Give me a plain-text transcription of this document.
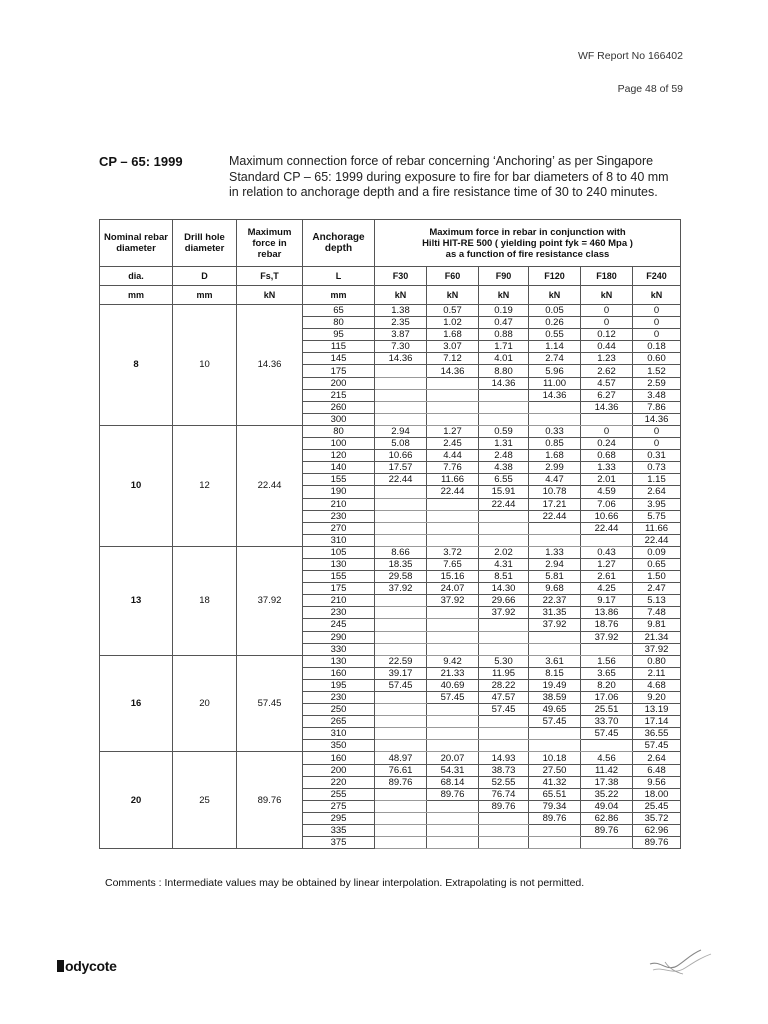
WF Report No 166402
Page 48 of 59
CP – 65: 1999	Maximum connection force of rebar concerning ‘Anchoring’ as per Singapore Standard CP – 65: 1999 during exposure to fire for bar diameters of 8 to 40 mm in relation to anchorage depth and a fire resistance time of 30 to 240 minutes.
Nominal rebar diameter	Drill hole diameter	Maximum force in rebar	Anchorage depth	Maximum force in rebar in conjunction with
Hilti HIT-RE 500 ( yielding point fyk = 460 Mpa )
as a function of fire resistance class					

dia.	D	Fs,T	L	F30	F60	F90	F120	F180	F240
mm	mm	kN	mm	kN	kN	kN	kN	kN	kN
8	10	14.36	65	1.38	0.57	0.19	0.05	0	0
			80	2.35	1.02	0.47	0.26	0	0
			95	3.87	1.68	0.88	0.55	0.12	0
			115	7.30	3.07	1.71	1.14	0.44	0.18
			145	14.36	7.12	4.01	2.74	1.23	0.60
			175		14.36	8.80	5.96	2.62	1.52
			200			14.36	11.00	4.57	2.59
			215				14.36	6.27	3.48
			260					14.36	7.86
			300						14.36
10	12	22.44	80	2.94	1.27	0.59	0.33	0	0
			100	5.08	2.45	1.31	0.85	0.24	0
			120	10.66	4.44	2.48	1.68	0.68	0.31
			140	17.57	7.76	4.38	2.99	1.33	0.73
			155	22.44	11.66	6.55	4.47	2.01	1.15
			190		22.44	15.91	10.78	4.59	2.64
			210			22.44	17.21	7.06	3.95
			230				22.44	10.66	5.75
			270					22.44	11.66
			310						22.44
13	18	37.92	105	8.66	3.72	2.02	1.33	0.43	0.09
			130	18.35	7.65	4.31	2.94	1.27	0.65
			155	29.58	15.16	8.51	5.81	2.61	1.50
			175	37.92	24.07	14.30	9.68	4.25	2.47
			210		37.92	29.66	22.37	9.17	5.13
			230			37.92	31.35	13.86	7.48
			245				37.92	18.76	9.81
			290					37.92	21.34
			330						37.92
16	20	57.45	130	22.59	9.42	5.30	3.61	1.56	0.80
			160	39.17	21.33	11.95	8.15	3.65	2.11
			195	57.45	40.69	28.22	19.49	8.20	4.68
			230		57.45	47.57	38.59	17.06	9.20
			250			57.45	49.65	25.51	13.19
			265				57.45	33.70	17.14
			310					57.45	36.55
			350						57.45
20	25	89.76	160	48.97	20.07	14.93	10.18	4.56	2.64
			200	76.61	54.31	38.73	27.50	11.42	6.48
			220	89.76	68.14	52.55	41.32	17.38	9.56
			255		89.76	76.74	65.51	35.22	18.00
			275			89.76	79.34	49.04	25.45
			295				89.76	62.86	35.72
			335					89.76	62.96
			375						89.76
Comments : Intermediate values may be obtained by linear interpolation. Extrapolating is not permitted.
odycote
